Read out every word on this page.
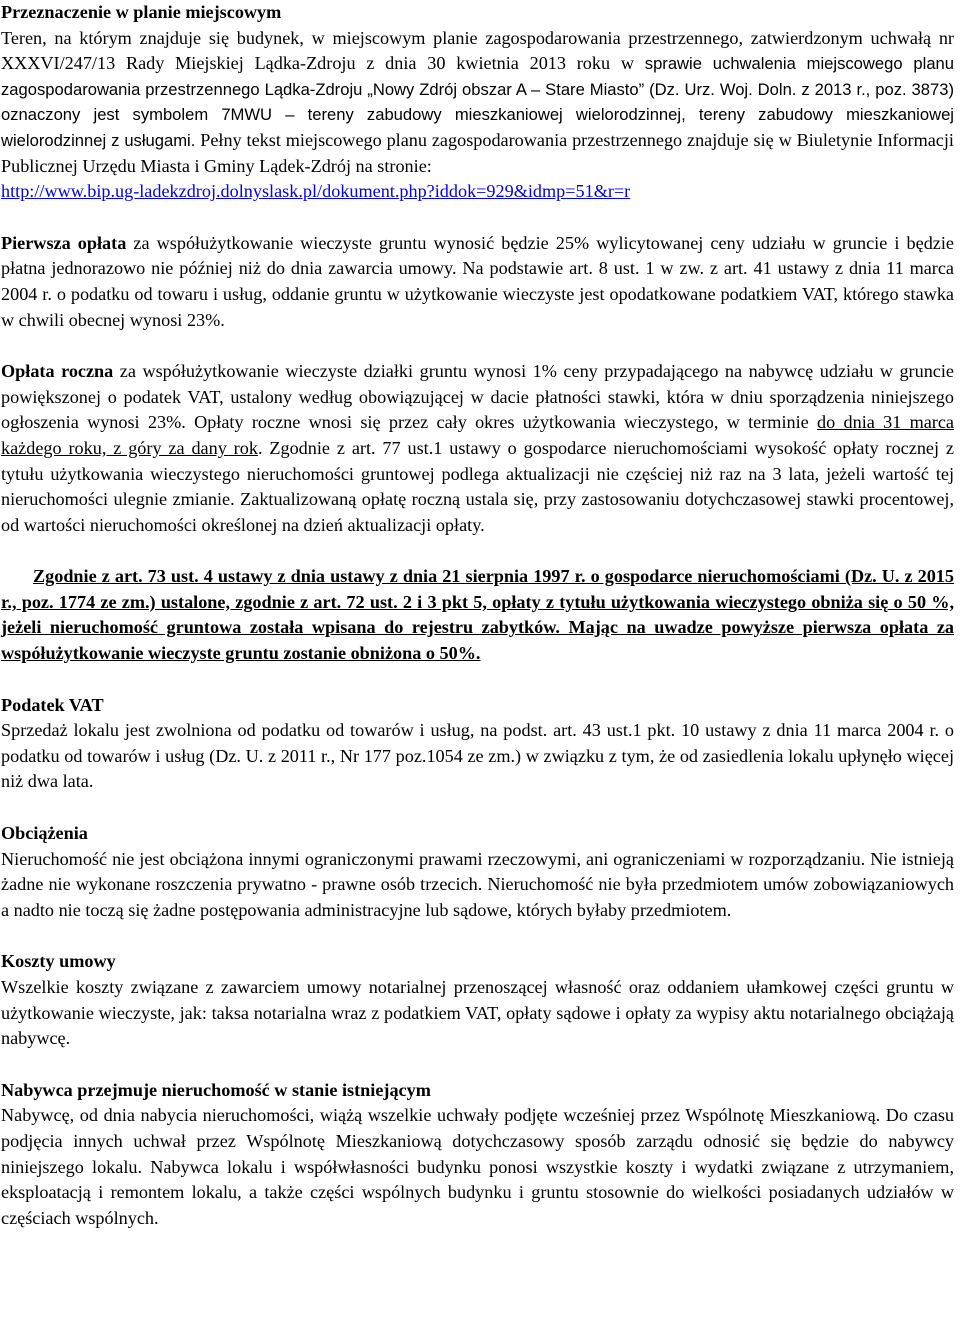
Przeznaczenie w planie miejscowym
Teren, na którym znajduje się budynek, w miejscowym planie zagospodarowania przestrzennego, zatwierdzonym uchwałą nr XXXVI/247/13 Rady Miejskiej Lądka-Zdroju z dnia 30 kwietnia 2013 roku w sprawie uchwalenia miejscowego planu zagospodarowania przestrzennego Lądka-Zdroju „Nowy Zdrój obszar A – Stare Miasto” (Dz. Urz. Woj. Doln. z 2013 r., poz. 3873) oznaczony jest symbolem 7MWU – tereny zabudowy mieszkaniowej wielorodzinnej, tereny zabudowy mieszkaniowej wielorodzinnej z usługami. Pełny tekst miejscowego planu zagospodarowania przestrzennego znajduje się w Biuletynie Informacji Publicznej Urzędu Miasta i Gminy Lądek-Zdrój na stronie:
http://www.bip.ug-ladekzdroj.dolnyslask.pl/dokument.php?iddok=929&idmp=51&r=r
Pierwsza opłata za współużytkowanie wieczyste gruntu wynosić będzie 25% wylicytowanej ceny udziału w gruncie i będzie płatna jednorazowo nie później niż do dnia zawarcia umowy. Na podstawie art. 8 ust. 1 w zw. z art. 41 ustawy z dnia 11 marca 2004 r. o podatku od towaru i usług, oddanie gruntu w użytkowanie wieczyste jest opodatkowane podatkiem VAT, którego stawka w chwili obecnej wynosi 23%.
Opłata roczna za współużytkowanie wieczyste działki gruntu wynosi 1% ceny przypadającego na nabywcę udziału w gruncie powiększonej o podatek VAT, ustalony według obowiązującej w dacie płatności stawki, która w dniu sporządzenia niniejszego ogłoszenia wynosi 23%. Opłaty roczne wnosi się przez cały okres użytkowania wieczystego, w terminie do dnia 31 marca każdego roku, z góry za dany rok. Zgodnie z art. 77 ust.1 ustawy o gospodarce nieruchomościami wysokość opłaty rocznej z tytułu użytkowania wieczystego nieruchomości gruntowej podlega aktualizacji nie częściej niż raz na 3 lata, jeżeli wartość tej nieruchomości ulegnie zmianie. Zaktualizowaną opłatę roczną ustala się, przy zastosowaniu dotychczasowej stawki procentowej, od wartości nieruchomości określonej na dzień aktualizacji opłaty.
Zgodnie z art. 73 ust. 4 ustawy z dnia ustawy z dnia 21 sierpnia 1997 r. o gospodarce nieruchomościami (Dz. U. z 2015 r., poz. 1774 ze zm.) ustalone, zgodnie z art. 72 ust. 2 i 3 pkt 5, opłaty z tytułu użytkowania wieczystego obniża się o 50 %, jeżeli nieruchomość gruntowa została wpisana do rejestru zabytków. Mając na uwadze powyższe pierwsza opłata za współużytkowanie wieczyste gruntu zostanie obniżona o 50%.
Podatek VAT
Sprzedaż lokalu jest zwolniona od podatku od towarów i usług, na podst. art. 43 ust.1 pkt. 10 ustawy z dnia 11 marca 2004 r. o podatku od towarów i usług (Dz. U. z 2011 r., Nr 177 poz.1054 ze zm.) w związku z tym, że od zasiedlenia lokalu upłynęło więcej niż dwa lata.
Obciążenia
Nieruchomość nie jest obciążona innymi ograniczonymi prawami rzeczowymi, ani ograniczeniami w rozporządzaniu. Nie istnieją żadne nie wykonane roszczenia prywatno - prawne osób trzecich. Nieruchomość nie była przedmiotem umów zobowiązaniowych a nadto nie toczą się żadne postępowania administracyjne lub sądowe, których byłaby przedmiotem.
Koszty umowy
Wszelkie koszty związane z zawarciem umowy notarialnej przenoszącej własność oraz oddaniem ułamkowej części gruntu w użytkowanie wieczyste, jak: taksa notarialna wraz z podatkiem VAT, opłaty sądowe i opłaty za wypisy aktu notarialnego obciążają nabywcę.
Nabywca przejmuje nieruchomość w stanie istniejącym
Nabywcę, od dnia nabycia nieruchomości, wiążą wszelkie uchwały podjęte wcześniej przez Wspólnotę Mieszkaniową. Do czasu podjęcia innych uchwał przez Wspólnotę Mieszkaniową dotychczasowy sposób zarządu odnosić się będzie do nabywcy niniejszego lokalu. Nabywca lokalu i współwłasności budynku ponosi wszystkie koszty i wydatki związane z utrzymaniem, eksploatacją i remontem lokalu, a także części wspólnych budynku i gruntu stosownie do wielkości posiadanych udziałów w częściach wspólnych.
